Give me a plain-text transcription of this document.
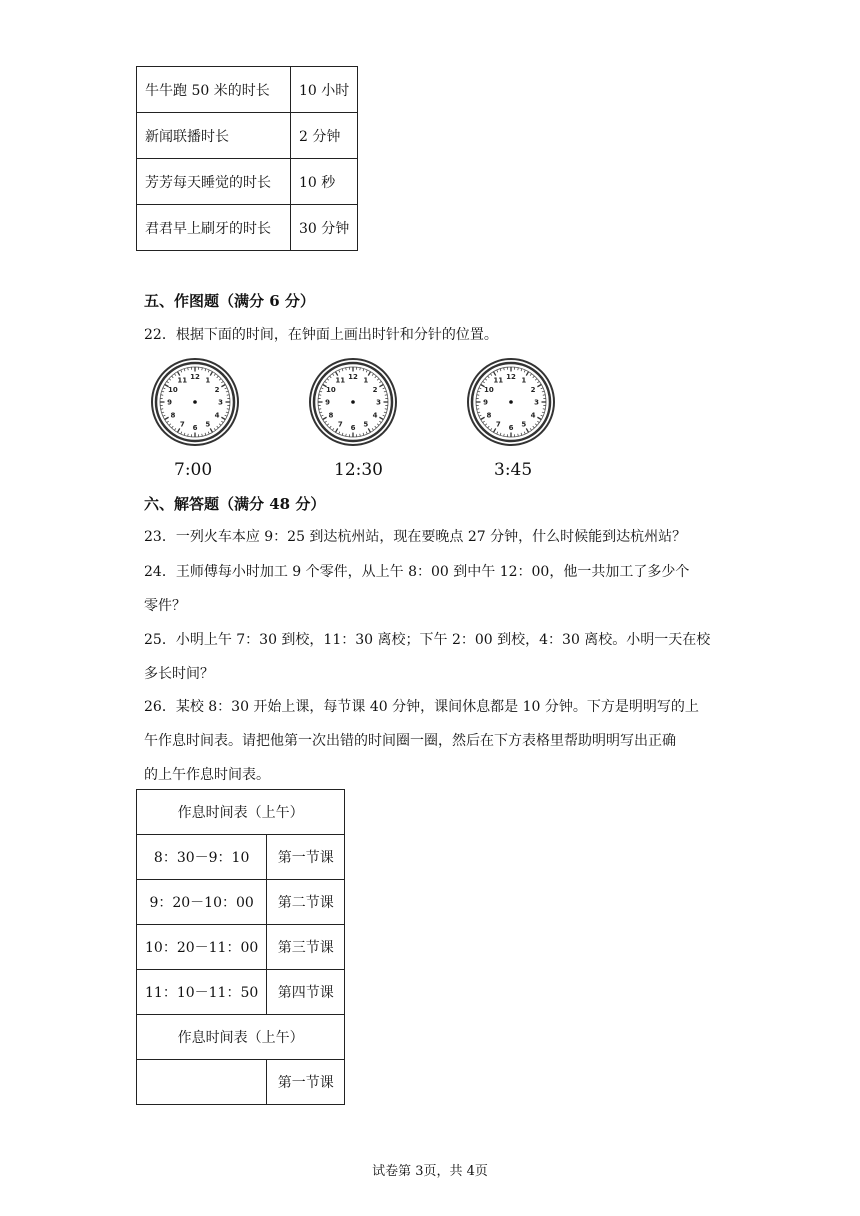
牛牛跑 50 米的时长	10 小时
新闻联播时长	2 分钟
芳芳每天睡觉的时长	10 秒
君君早上刷牙的时长	30 分钟
五、作图题（满分 6 分）
22．根据下面的时间，在钟面上画出时针和分针的位置。
1
2
3
4
5
6
7
8
9
10
11 12	1
2
3
4
5
6
7
8
9
10
11 12	1
2
3
4
5
6
7
8
9
10
11 12
7:00	12:30	3:45
六、解答题（满分 48 分）
23．一列火车本应 9：25 到达杭州站，现在要晚点 27 分钟，什么时候能到达杭州站？
24．王师傅每小时加工 9 个零件，从上午 8：00 到中午 12：00，他一共加工了多少个
零件？
25．小明上午 7：30 到校，11：30 离校；下午 2：00 到校，4：30 离校。小明一天在校
多长时间？
26．某校 8：30 开始上课，每节课 40 分钟，课间休息都是 10 分钟。下方是明明写的上
午作息时间表。请把他第一次出错的时间圈一圈，然后在下方表格里帮助明明写出正确
的上午作息时间表。
作息时间表（上午）	
8：30－9：10	第一节课
9：20－10：00	第二节课
10：20－11：00	第三节课
11：10－11：50	第四节课
作息时间表（上午）	
	第一节课
试卷第 3页，共 4页
